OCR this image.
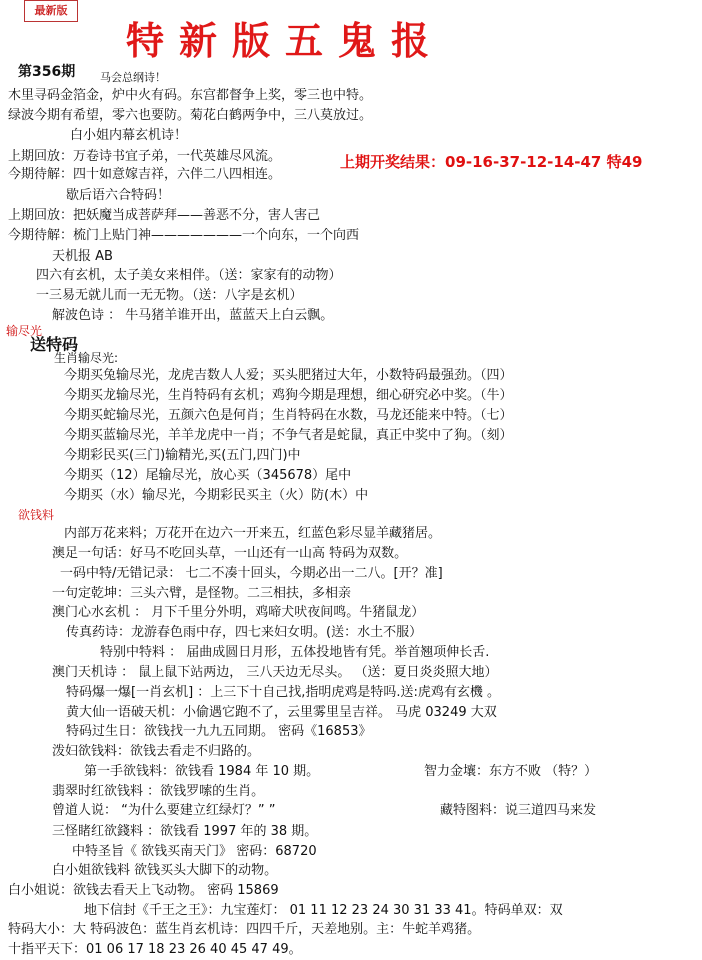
最新版
特新版五鬼报
第356期
上期开奖结果：09-16-37-12-14-47 特49
马会总纲诗！
木里寻码金箔金，炉中火有码。东宫都督争上奖，零三也中特。
绿波今期有希望，零六也要防。菊花白鹤两争中，三八莫放过。
白小姐内幕玄机诗！
上期回放：万卷诗书宜子弟，一代英雄尽风流。
今期待解：四十如意嫁吉祥，六伴二八四相连。
歇后语六合特码！
上期回放：把妖魔当成菩萨拜——善恶不分，害人害己
今期待解：梳门上贴门神———————一个向东，一个向西
天机报 AB
四六有玄机，太子美女来相伴。（送：家家有的动物）
一三易无就儿而一无无物。（送：八字是玄机）
解波色诗 ： 牛马猪羊谁开出，蓝蓝天上白云飘。
输尽光
送特码
生肖输尽光:
今期买兔输尽光，龙虎吉数人人爱；买头肥猪过大年，小数特码最强劲。（四）
今期买龙输尽光，生肖特码有玄机；鸡狗今期是理想，细心研究必中奖。（牛）
今期买蛇输尽光，五颜六色是何肖；生肖特码在水数，马龙还能来中特。（七）
今期买蓝输尽光，羊羊龙虎中一肖；不争气者是蛇鼠，真正中奖中了狗。（刻）
今期彩民买(三门)输精光,买(五门,四门)中
今期买（12）尾输尽光，放心买（345678）尾中
今期买（水）输尽光，今期彩民买主（火）防(木）中
欲钱料
内部万花来料；万花开在边六一开来五，红蓝色彩尽显羊藏猪居。
澳足一句话：好马不吃回头草，一山还有一山高 特码为双数。
一码中特/无错记录： 七二不凑十回头，今期必出一二八。[开？准]
一句定乾坤：三头六臂，是怪物。二三相扶，多相亲
澳门心水玄机 ： 月下千里分外明，鸡啼犬吠夜间鸣。牛猪鼠龙）
传真药诗：龙游春色雨中存，四七来妇女明。(送：水土不服）
特别中特料 ： 届曲成圆日月形，五体投地皆有凭。举首翘项伸长舌.
澳门天机诗 ： 鼠上鼠下站两边， 三八天边无尽头。 （送：夏日炎炎照大地）
特码爆一爆[一肖玄机] ：上三下十自己找,指明虎鸡是特吗.送:虎鸡有玄機 。
黄大仙一语破天机：小偷遇它跑不了，云里雾里呈吉祥。 马虎 03249 大双
特码过生日：欲钱找一九九五同期。 密码《16853》
泼妇欲钱料：欲钱去看走不归路的。
第一手欲钱料：欲钱看 1984 年 10 期。	智力金壤：东方不败 （特？）
翡翠时红欲钱料 ：欲钱罗嗦的生肖。
曾道人说： “为什么要建立红绿灯？” ”	藏特图料：说三道四马来发
三怪睹红欲錢料 ：欲钱看 1997 年的 38 期。
中特圣旨《 欲钱买南天门》 密码：68720
白小姐欲钱料 欲钱买头大脚下的动物。
白小姐说：欲钱去看天上飞动物。 密码 15869
地下信封《千王之王》：九宝莲灯： 01 11 12 23 24 30 31 33 41。特码单双：双
特码大小：大 特码波色：蓝生肖玄机诗：四四千斤，天差地别。主：牛蛇羊鸡猪。
十指平天下：01 06 17 18 23 26 40 45 47 49。
